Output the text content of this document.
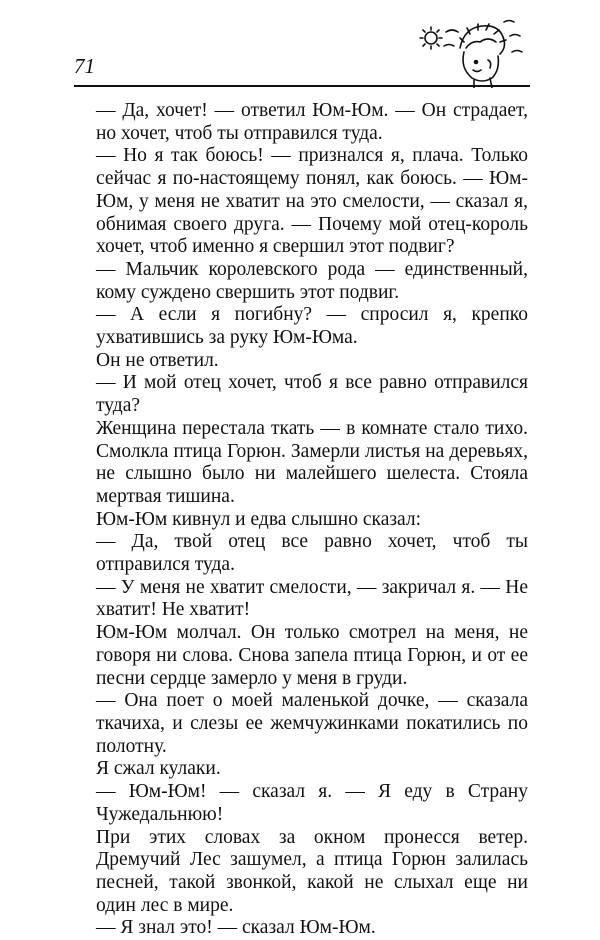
71

— Да, хочет! — ответил Юм-Юм. — Он страдает, но хочет, чтоб ты отправился туда.

— Но я так боюсь! — признался я, плача. Только сейчас я по-настоящему понял, как боюсь. — Юм-Юм, у меня не хватит на это смелости, — сказал я, обнимая своего друга. — Почему мой отец-король хочет, чтоб именно я свершил этот подвиг?

— Мальчик королевского рода — единственный, кому суждено свершить этот подвиг.

— А если я погибну? — спросил я, крепко ухватившись за руку Юм-Юма.

Он не ответил.

— И мой отец хочет, чтоб я все равно отправился туда?

Женщина перестала ткать — в комнате стало тихо. Смолкла птица Горюн. Замерли листья на деревьях, не слышно было ни малейшего шелеста. Стояла мертвая тишина.

Юм-Юм кивнул и едва слышно сказал:

— Да, твой отец все равно хочет, чтоб ты отправился туда.

— У меня не хватит смелости, — закричал я. — Не хватит! Не хватит!

Юм-Юм молчал. Он только смотрел на меня, не говоря ни слова. Снова запела птица Горюн, и от ее песни сердце замерло у меня в груди.

— Она поет о моей маленькой дочке, — сказала ткачиха, и слезы ее жемчужинками покатились по полотну.

Я сжал кулаки.

— Юм-Юм! — сказал я. — Я еду в Страну Чужедальнюю!

При этих словах за окном пронесся ветер. Дремучий Лес зашумел, а птица Горюн залилась песней, такой звонкой, какой не слыхал еще ни один лес в мире.

— Я знал это! — сказал Юм-Юм.
